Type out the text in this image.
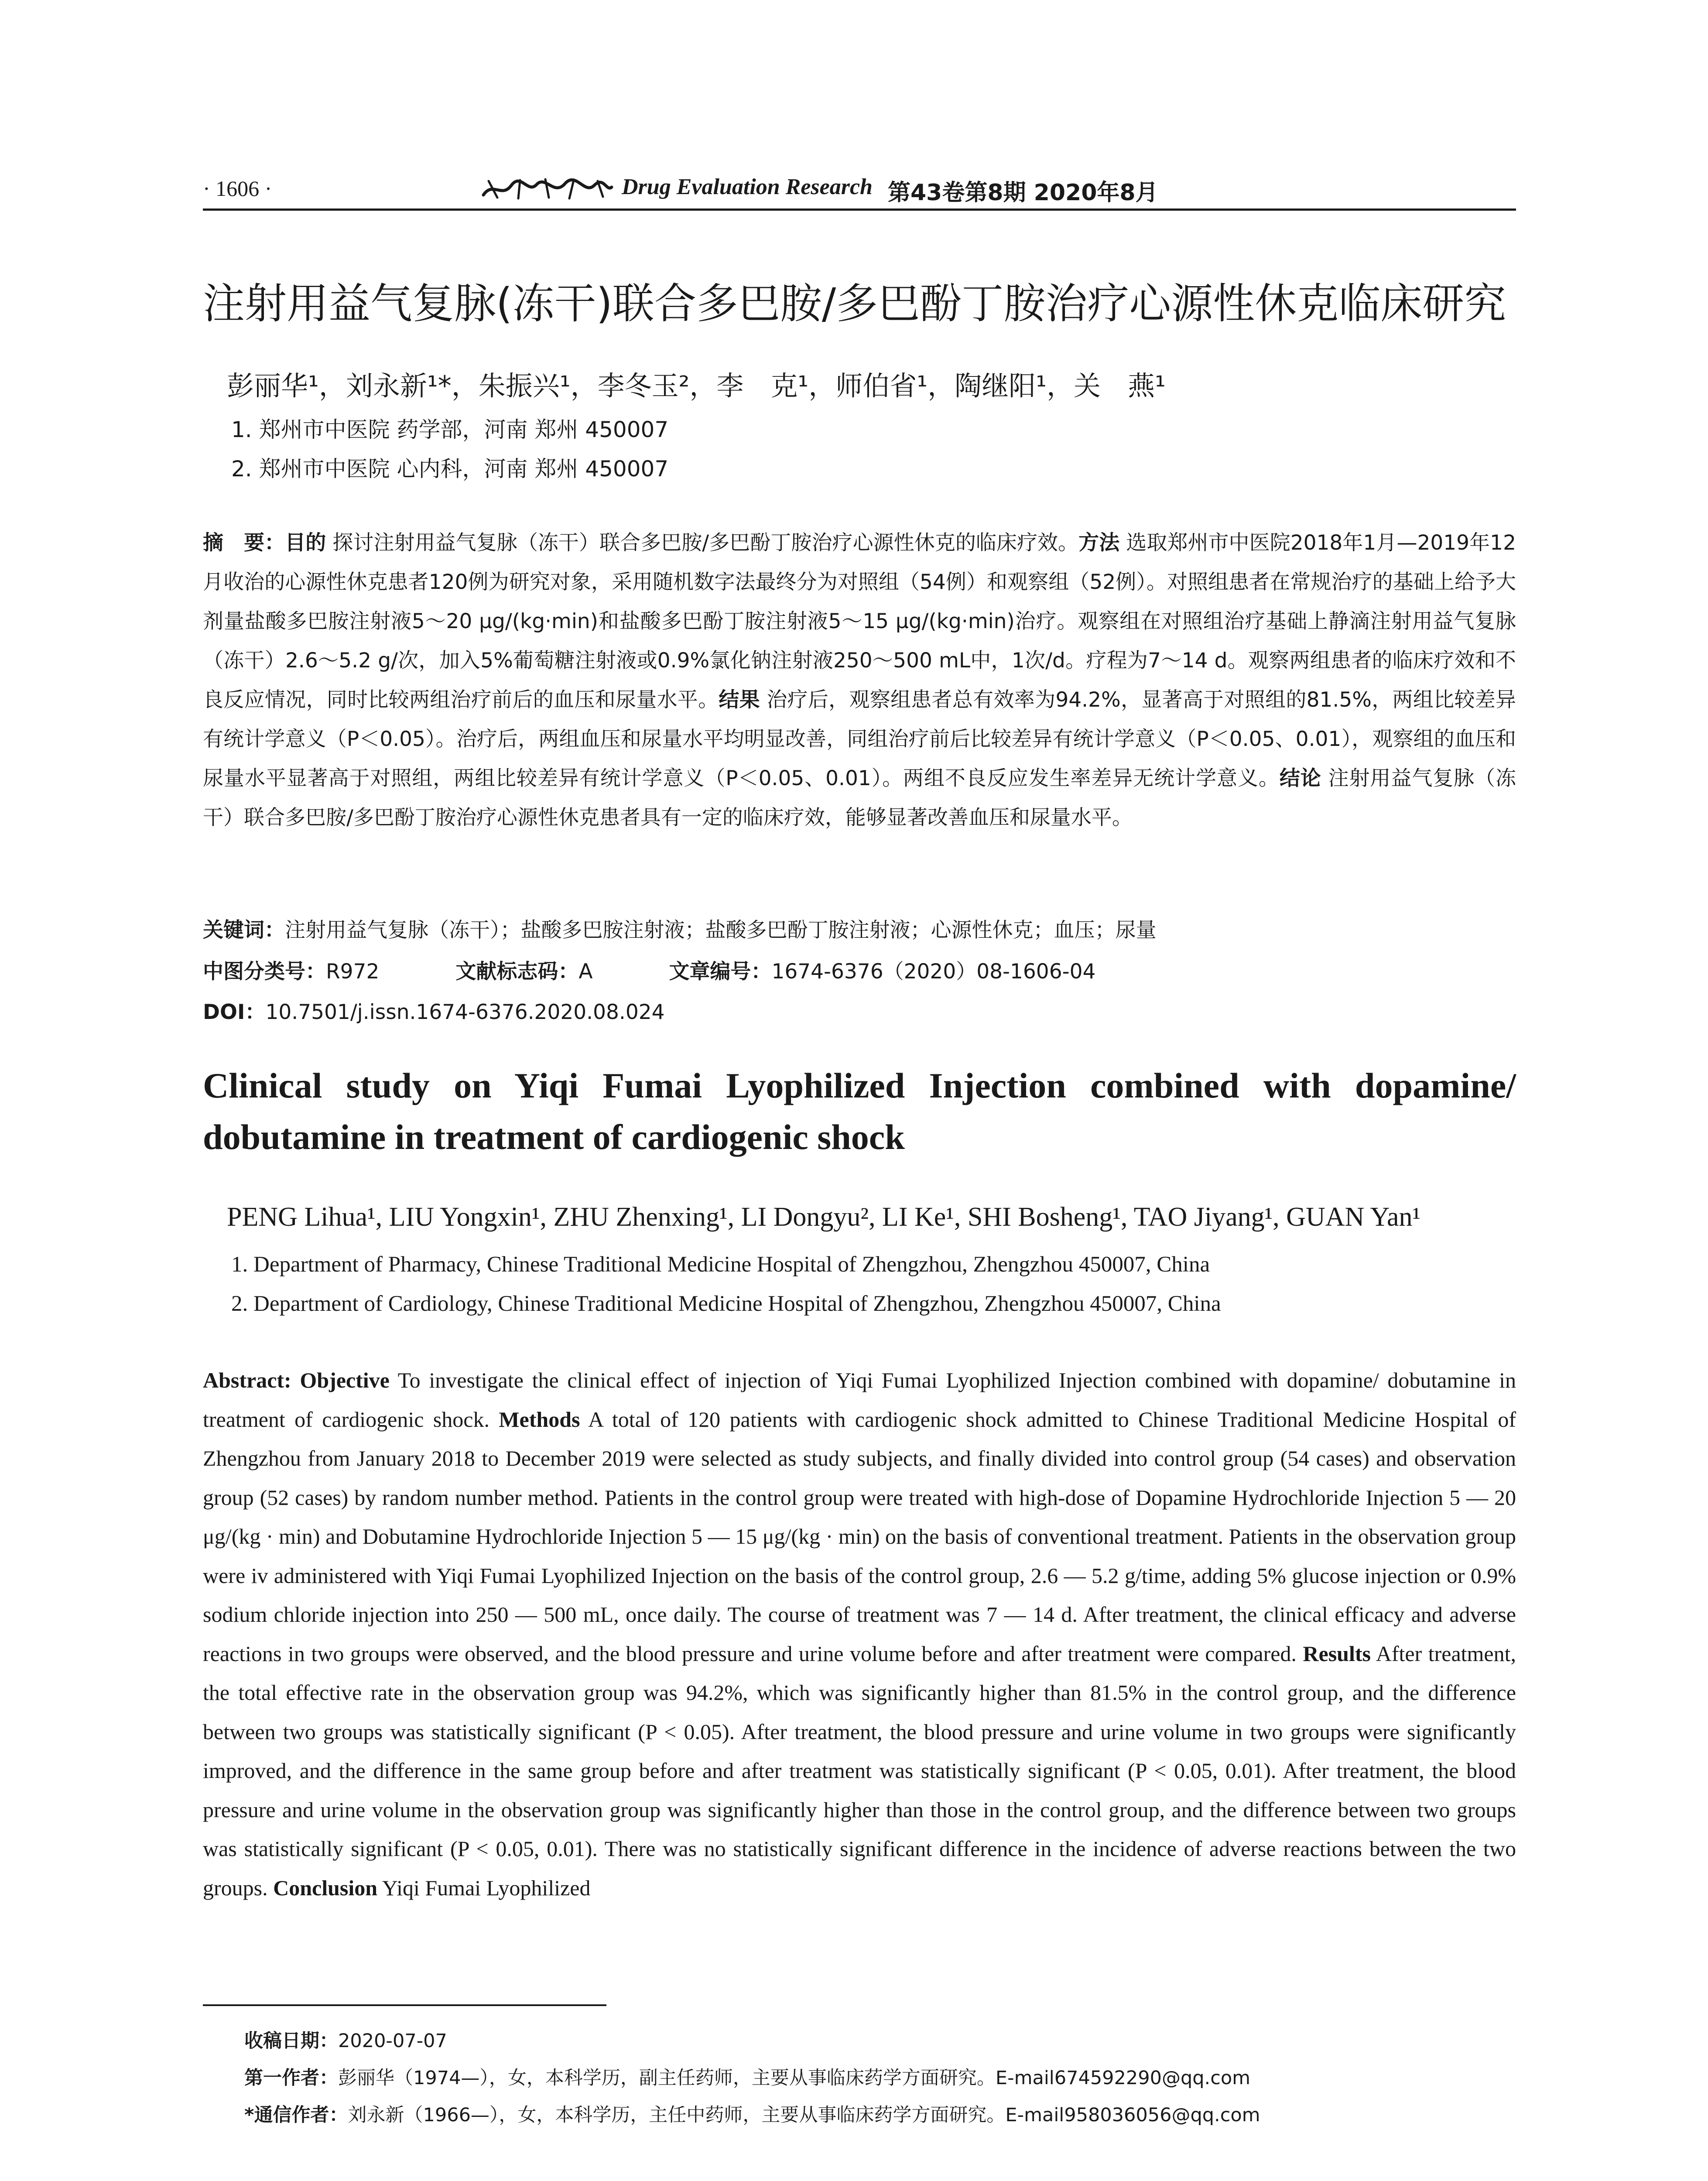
· 1606 ·	Drug Evaluation Research 第43卷第8期 2020年8月
注射用益气复脉(冻干)联合多巴胺/多巴酚丁胺治疗心源性休克临床研究
彭丽华¹，刘永新¹*，朱振兴¹，李冬玉²，李　克¹，师伯省¹，陶继阳¹，关　燕¹
1. 郑州市中医院 药学部，河南 郑州 450007
2. 郑州市中医院 心内科，河南 郑州 450007
摘　要：目的 探讨注射用益气复脉（冻干）联合多巴胺/多巴酚丁胺治疗心源性休克的临床疗效。方法 选取郑州市中医院2018年1月—2019年12月收治的心源性休克患者120例为研究对象，采用随机数字法最终分为对照组（54例）和观察组（52例）。对照组患者在常规治疗的基础上给予大剂量盐酸多巴胺注射液5～20 μg/(kg·min)和盐酸多巴酚丁胺注射液5～15 μg/(kg·min)治疗。观察组在对照组治疗基础上静滴注射用益气复脉（冻干）2.6～5.2 g/次，加入5%葡萄糖注射液或0.9%氯化钠注射液250～500 mL中，1次/d。疗程为7～14 d。观察两组患者的临床疗效和不良反应情况，同时比较两组治疗前后的血压和尿量水平。结果 治疗后，观察组患者总有效率为94.2%，显著高于对照组的81.5%，两组比较差异有统计学意义（P＜0.05）。治疗后，两组血压和尿量水平均明显改善，同组治疗前后比较差异有统计学意义（P＜0.05、0.01），观察组的血压和尿量水平显著高于对照组，两组比较差异有统计学意义（P＜0.05、0.01）。两组不良反应发生率差异无统计学意义。结论 注射用益气复脉（冻干）联合多巴胺/多巴酚丁胺治疗心源性休克患者具有一定的临床疗效，能够显著改善血压和尿量水平。
关键词：注射用益气复脉（冻干）；盐酸多巴胺注射液；盐酸多巴酚丁胺注射液；心源性休克；血压；尿量
中图分类号：R972	文献标志码：A	文章编号：1674-6376（2020）08-1606-04
DOI：10.7501/j.issn.1674-6376.2020.08.024
Clinical study on Yiqi Fumai Lyophilized Injection combined with dopamine/ dobutamine in treatment of cardiogenic shock
PENG Lihua¹, LIU Yongxin¹, ZHU Zhenxing¹, LI Dongyu², LI Ke¹, SHI Bosheng¹, TAO Jiyang¹, GUAN Yan¹
1. Department of Pharmacy, Chinese Traditional Medicine Hospital of Zhengzhou, Zhengzhou 450007, China
2. Department of Cardiology, Chinese Traditional Medicine Hospital of Zhengzhou, Zhengzhou 450007, China
Abstract: Objective To investigate the clinical effect of injection of Yiqi Fumai Lyophilized Injection combined with dopamine/ dobutamine in treatment of cardiogenic shock. Methods A total of 120 patients with cardiogenic shock admitted to Chinese Traditional Medicine Hospital of Zhengzhou from January 2018 to December 2019 were selected as study subjects, and finally divided into control group (54 cases) and observation group (52 cases) by random number method. Patients in the control group were treated with high-dose of Dopamine Hydrochloride Injection 5 — 20 μg/(kg · min) and Dobutamine Hydrochloride Injection 5 — 15 μg/(kg · min) on the basis of conventional treatment. Patients in the observation group were iv administered with Yiqi Fumai Lyophilized Injection on the basis of the control group, 2.6 — 5.2 g/time, adding 5% glucose injection or 0.9% sodium chloride injection into 250 — 500 mL, once daily. The course of treatment was 7 — 14 d. After treatment, the clinical efficacy and adverse reactions in two groups were observed, and the blood pressure and urine volume before and after treatment were compared. Results After treatment, the total effective rate in the observation group was 94.2%, which was significantly higher than 81.5% in the control group, and the difference between two groups was statistically significant (P < 0.05). After treatment, the blood pressure and urine volume in two groups were significantly improved, and the difference in the same group before and after treatment was statistically significant (P < 0.05, 0.01). After treatment, the blood pressure and urine volume in the observation group was significantly higher than those in the control group, and the difference between two groups was statistically significant (P < 0.05, 0.01). There was no statistically significant difference in the incidence of adverse reactions between the two groups. Conclusion Yiqi Fumai Lyophilized
收稿日期：2020-07-07
第一作者：彭丽华（1974—），女，本科学历，副主任药师，主要从事临床药学方面研究。E-mail674592290@qq.com
*通信作者：刘永新（1966—），女，本科学历，主任中药师，主要从事临床药学方面研究。E-mail958036056@qq.com
